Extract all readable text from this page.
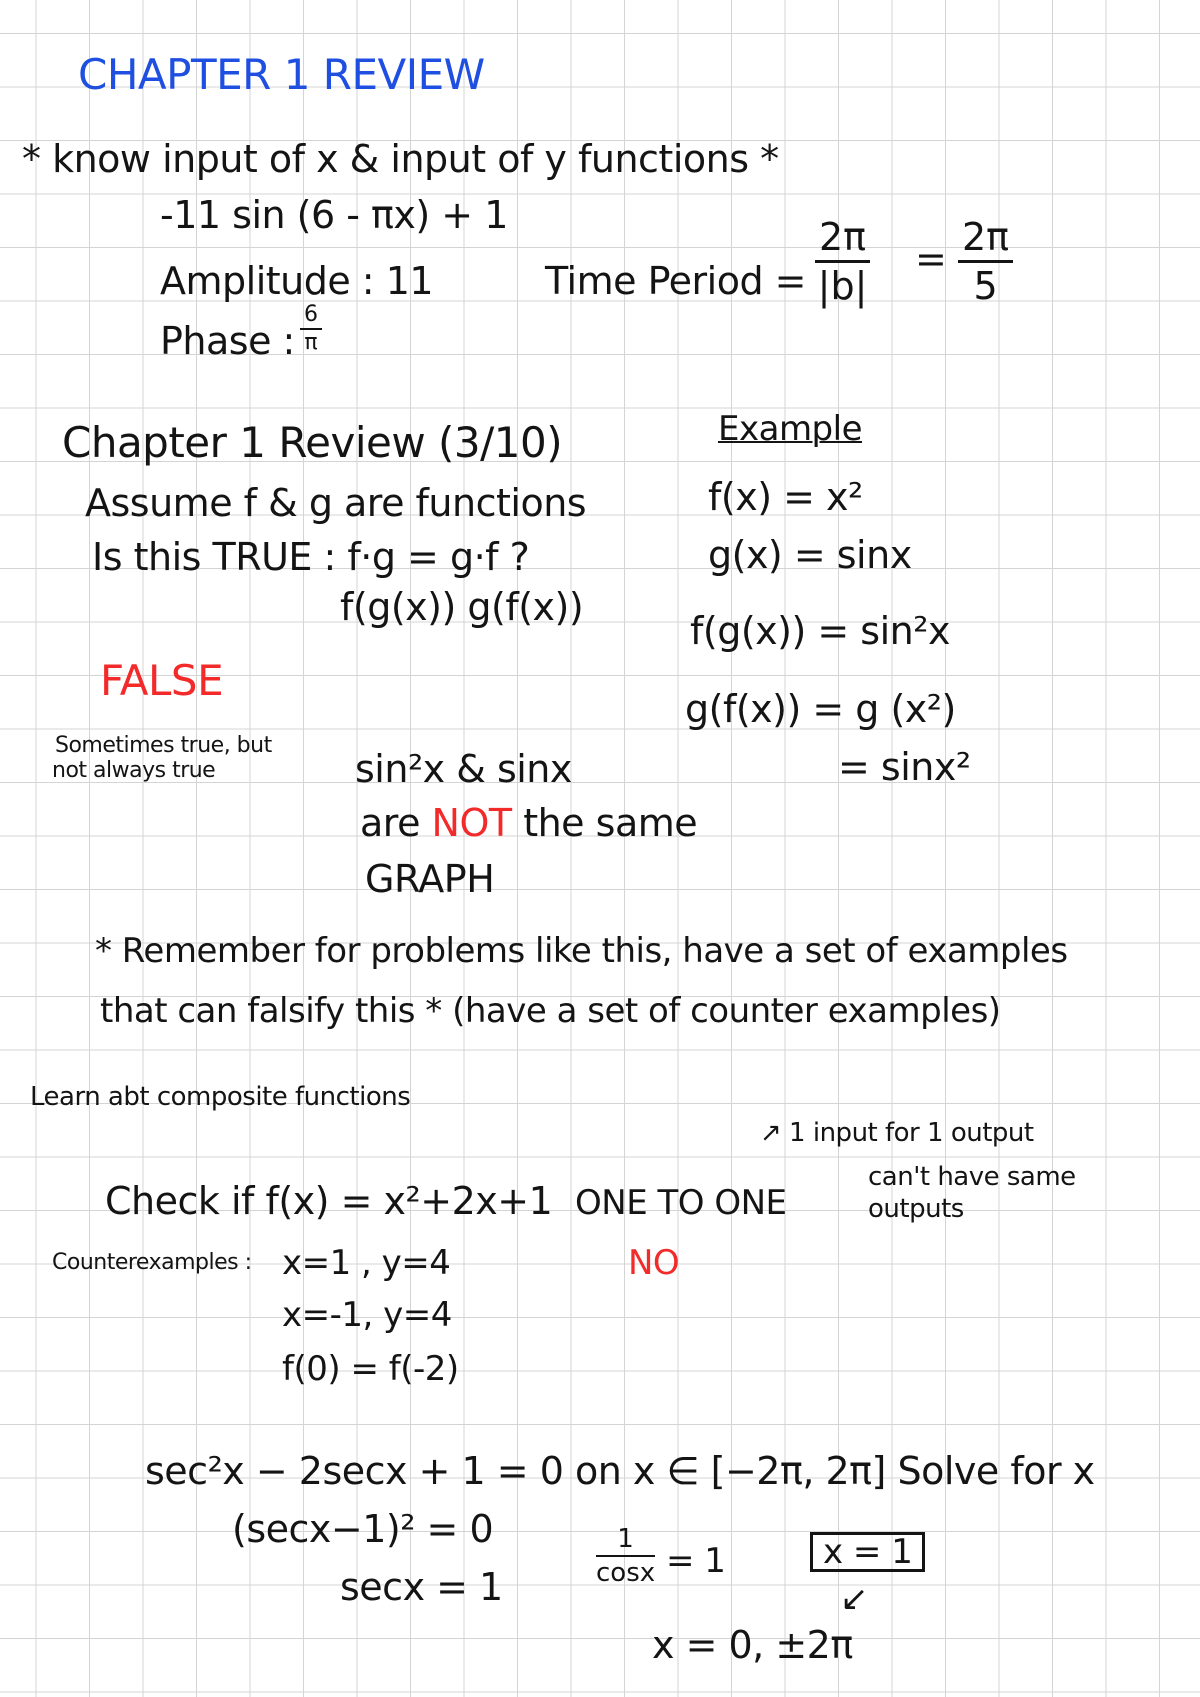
CHAPTER 1 REVIEW
* know input of x & input of y functions *
-11 sin (6 - πx) + 1
Amplitude : 11	Time Period = $\frac{2\pi}{|b|} = \frac{2\pi}{5}$
Phase : $\frac{6}{\pi}$
Chapter 1 Review (3/10)
Assume f & g are functions
Is this TRUE : f·g = g·f ?
f(g(x)) g(f(x))
FALSE
Sometimes true, but
not always true	sin²x & sinx
are NOT the same
GRAPH
Example
f(x) = x²
g(x) = sinx
f(g(x)) = sin²x
g(f(x)) = g (x²)
= sinx²
* Remember for problems like this, have a set of examples
that can falsify this * (have a set of counter examples)
Learn abt composite functions
↗ 1 input for 1 output
can't have same
outputs
Check if f(x) = x²+2x+1 ONE TO ONE
Counterexamples : x=1 , y=4	NO
x=-1, y=4
f(0) = f(-2)
sec²x − 2secx + 1 = 0 on x ∈ [−2π, 2π] Solve for x
(secx−1)² = 0
secx = 1
$\frac{1}{\cos x} = 1$	x = 1
↙
x = 0, ±2π
